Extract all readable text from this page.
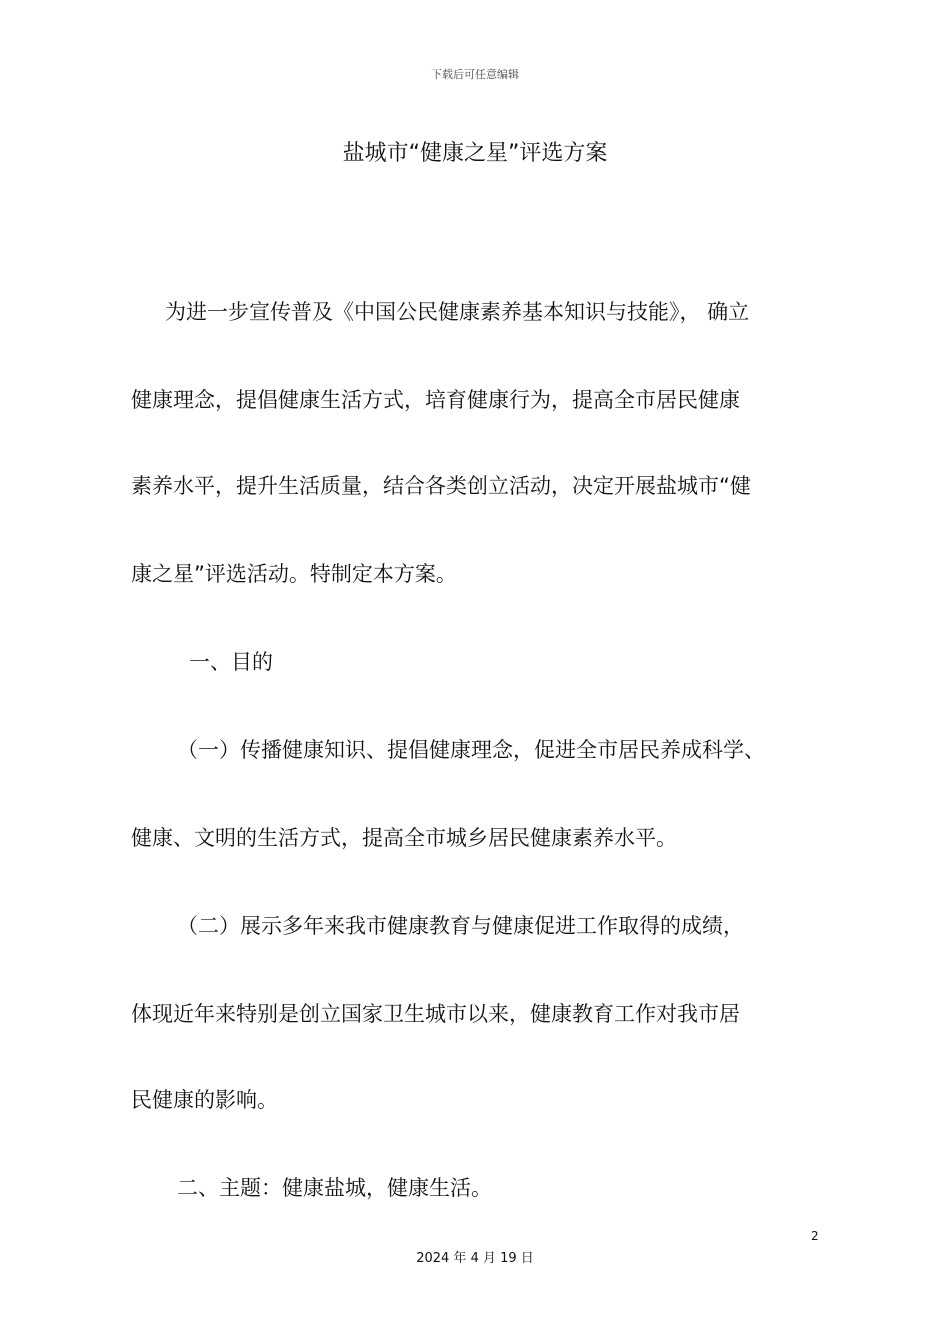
下载后可任意编辑
盐城市“健康之星”评选方案
为进一步宣传普及《中国公民健康素养基本知识与技能》， 确立
健康理念，提倡健康生活方式，培育健康行为，提高全市居民健康
素养水平，提升生活质量，结合各类创立活动，决定开展盐城市“健
康之星”评选活动。特制定本方案。
一、目的
（一）传播健康知识、提倡健康理念，促进全市居民养成科学、
健康、文明的生活方式，提高全市城乡居民健康素养水平。
（二）展示多年来我市健康教育与健康促进工作取得的成绩，
体现近年来特别是创立国家卫生城市以来，健康教育工作对我市居
民健康的影响。
二、主题：健康盐城，健康生活。
2
2024 年 4 月 19 日
